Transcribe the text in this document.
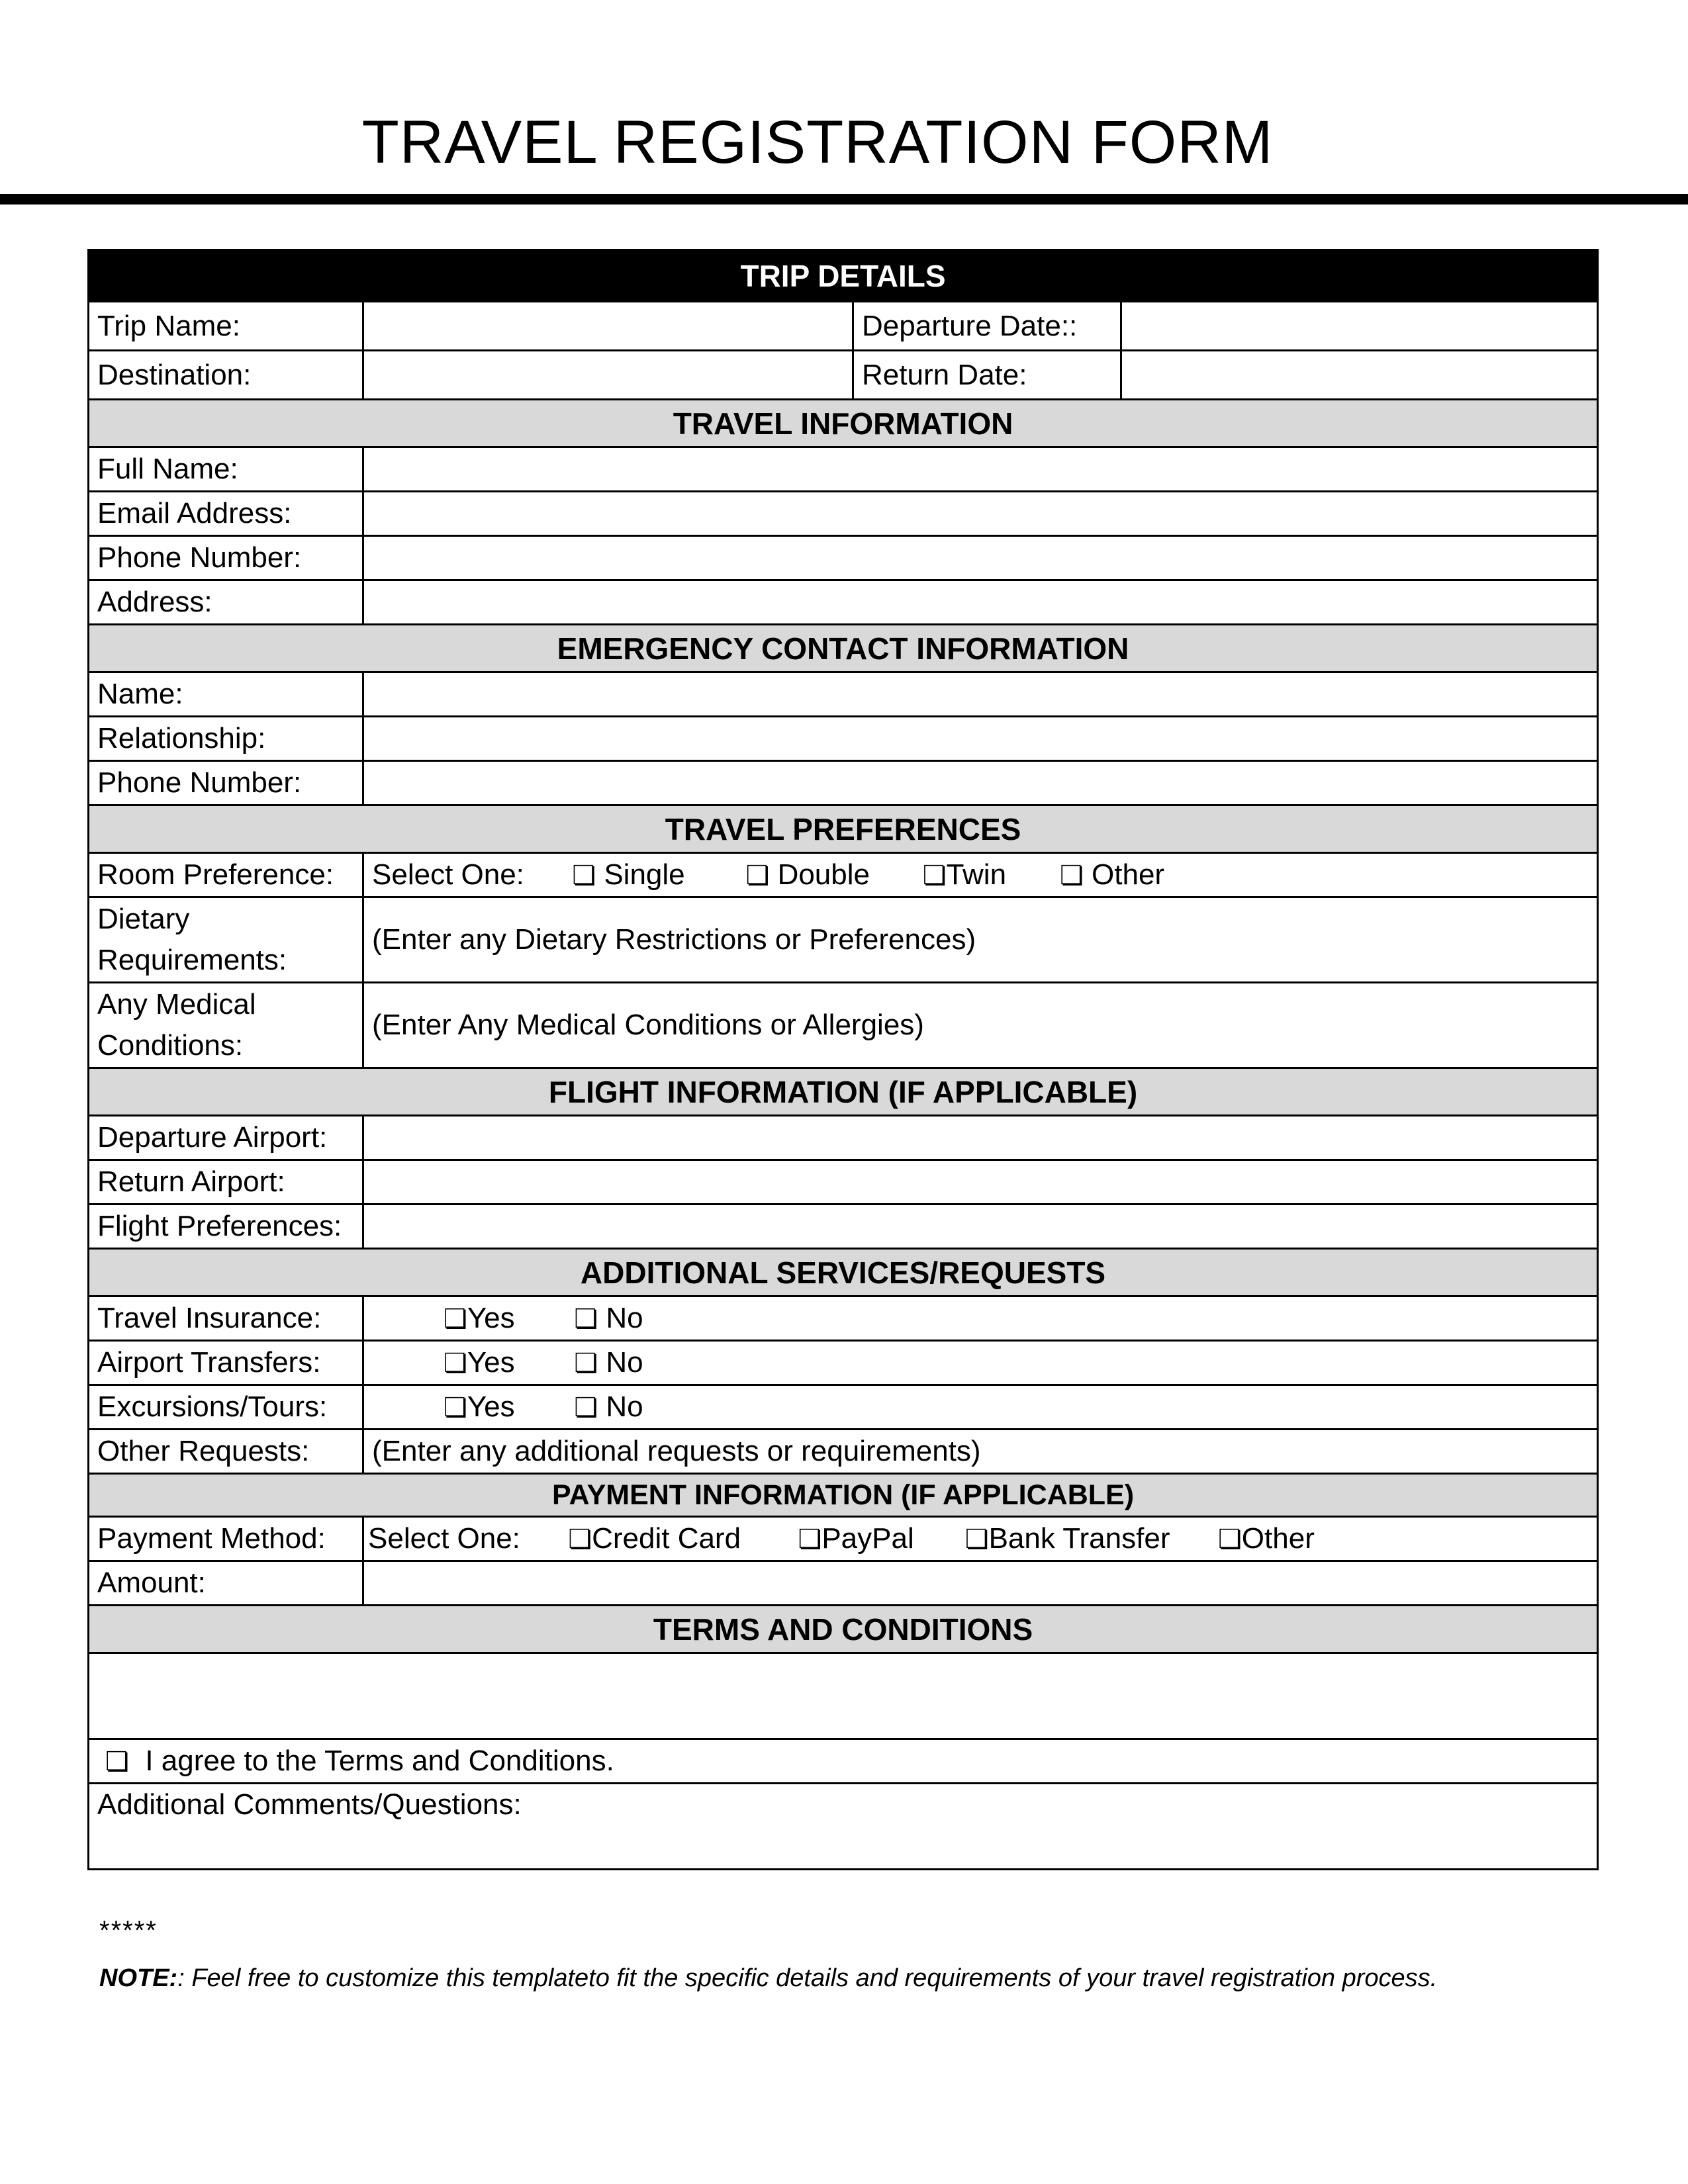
TRAVEL REGISTRATION FORM
TRIP DETAILS			
Trip Name:		Departure Date::	
Destination:		Return Date:	
TRAVEL INFORMATION			
Full Name:			
Email Address:			
Phone Number:			
Address:			
EMERGENCY CONTACT INFORMATION			
Name:			
Relationship:			
Phone Number:			
TRAVEL PREFERENCES			
Room Preference:	Select One: ❏ Single ❏ Double ❏Twin ❏ Other		
Dietary Requirements:	(Enter any Dietary Restrictions or Preferences)		
Any Medical Conditions:	(Enter Any Medical Conditions or Allergies)		
FLIGHT INFORMATION (IF APPLICABLE)			
Departure Airport:			
Return Airport:			
Flight Preferences:			
ADDITIONAL SERVICES/REQUESTS			
Travel Insurance:	❏Yes ❏ No		
Airport Transfers:	❏Yes ❏ No		
Excursions/Tours:	❏Yes ❏ No		
Other Requests:	(Enter any additional requests or requirements)		
PAYMENT INFORMATION (IF APPLICABLE)			
Payment Method:	Select One: ❏Credit Card ❏PayPal ❏Bank Transfer ❏Other		
Amount:			
TERMS AND CONDITIONS			

❏ I agree to the Terms and Conditions.			
Additional Comments/Questions:			
*****
NOTE:: Feel free to customize this templateto fit the specific details and requirements of your travel registration process.
